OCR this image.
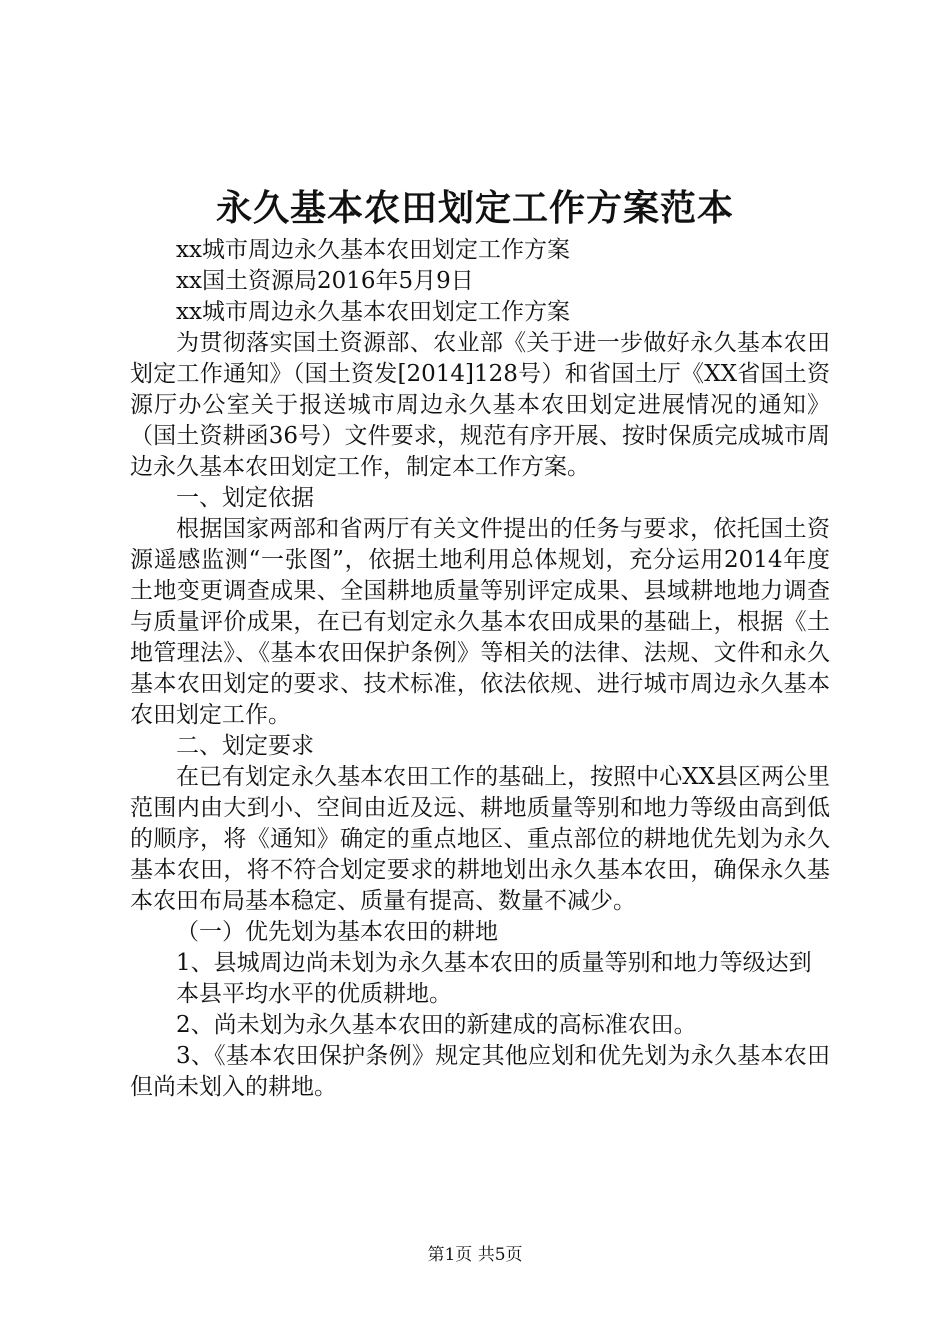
永久基本农田划定工作方案范本

xx城市周边永久基本农田划定工作方案

xx国土资源局2016年5月9日

xx城市周边永久基本农田划定工作方案

为贯彻落实国土资源部、农业部《关于进一步做好永久基本农田划定工作通知》（国土资发[2014]128号）和省国土厅《XX省国土资源厅办公室关于报送城市周边永久基本农田划定进展情况的通知》（国土资耕函36号）文件要求，规范有序开展、按时保质完成城市周边永久基本农田划定工作，制定本工作方案。

一、划定依据

根据国家两部和省两厅有关文件提出的任务与要求，依托国土资源遥感监测“一张图”，依据土地利用总体规划，充分运用2014年度土地变更调查成果、全国耕地质量等别评定成果、县域耕地地力调查与质量评价成果，在已有划定永久基本农田成果的基础上，根据《土地管理法》、《基本农田保护条例》等相关的法律、法规、文件和永久基本农田划定的要求、技术标准，依法依规、进行城市周边永久基本农田划定工作。

二、划定要求

在已有划定永久基本农田工作的基础上，按照中心XX县区两公里范围内由大到小、空间由近及远、耕地质量等别和地力等级由高到低的顺序，将《通知》确定的重点地区、重点部位的耕地优先划为永久基本农田，将不符合划定要求的耕地划出永久基本农田，确保永久基本农田布局基本稳定、质量有提高、数量不减少。

（一）优先划为基本农田的耕地

1、县城周边尚未划为永久基本农田的质量等别和地力等级达到

本县平均水平的优质耕地。

2、尚未划为永久基本农田的新建成的高标准农田。

3、《基本农田保护条例》规定其他应划和优先划为永久基本农田但尚未划入的耕地。

第1页 共5页
